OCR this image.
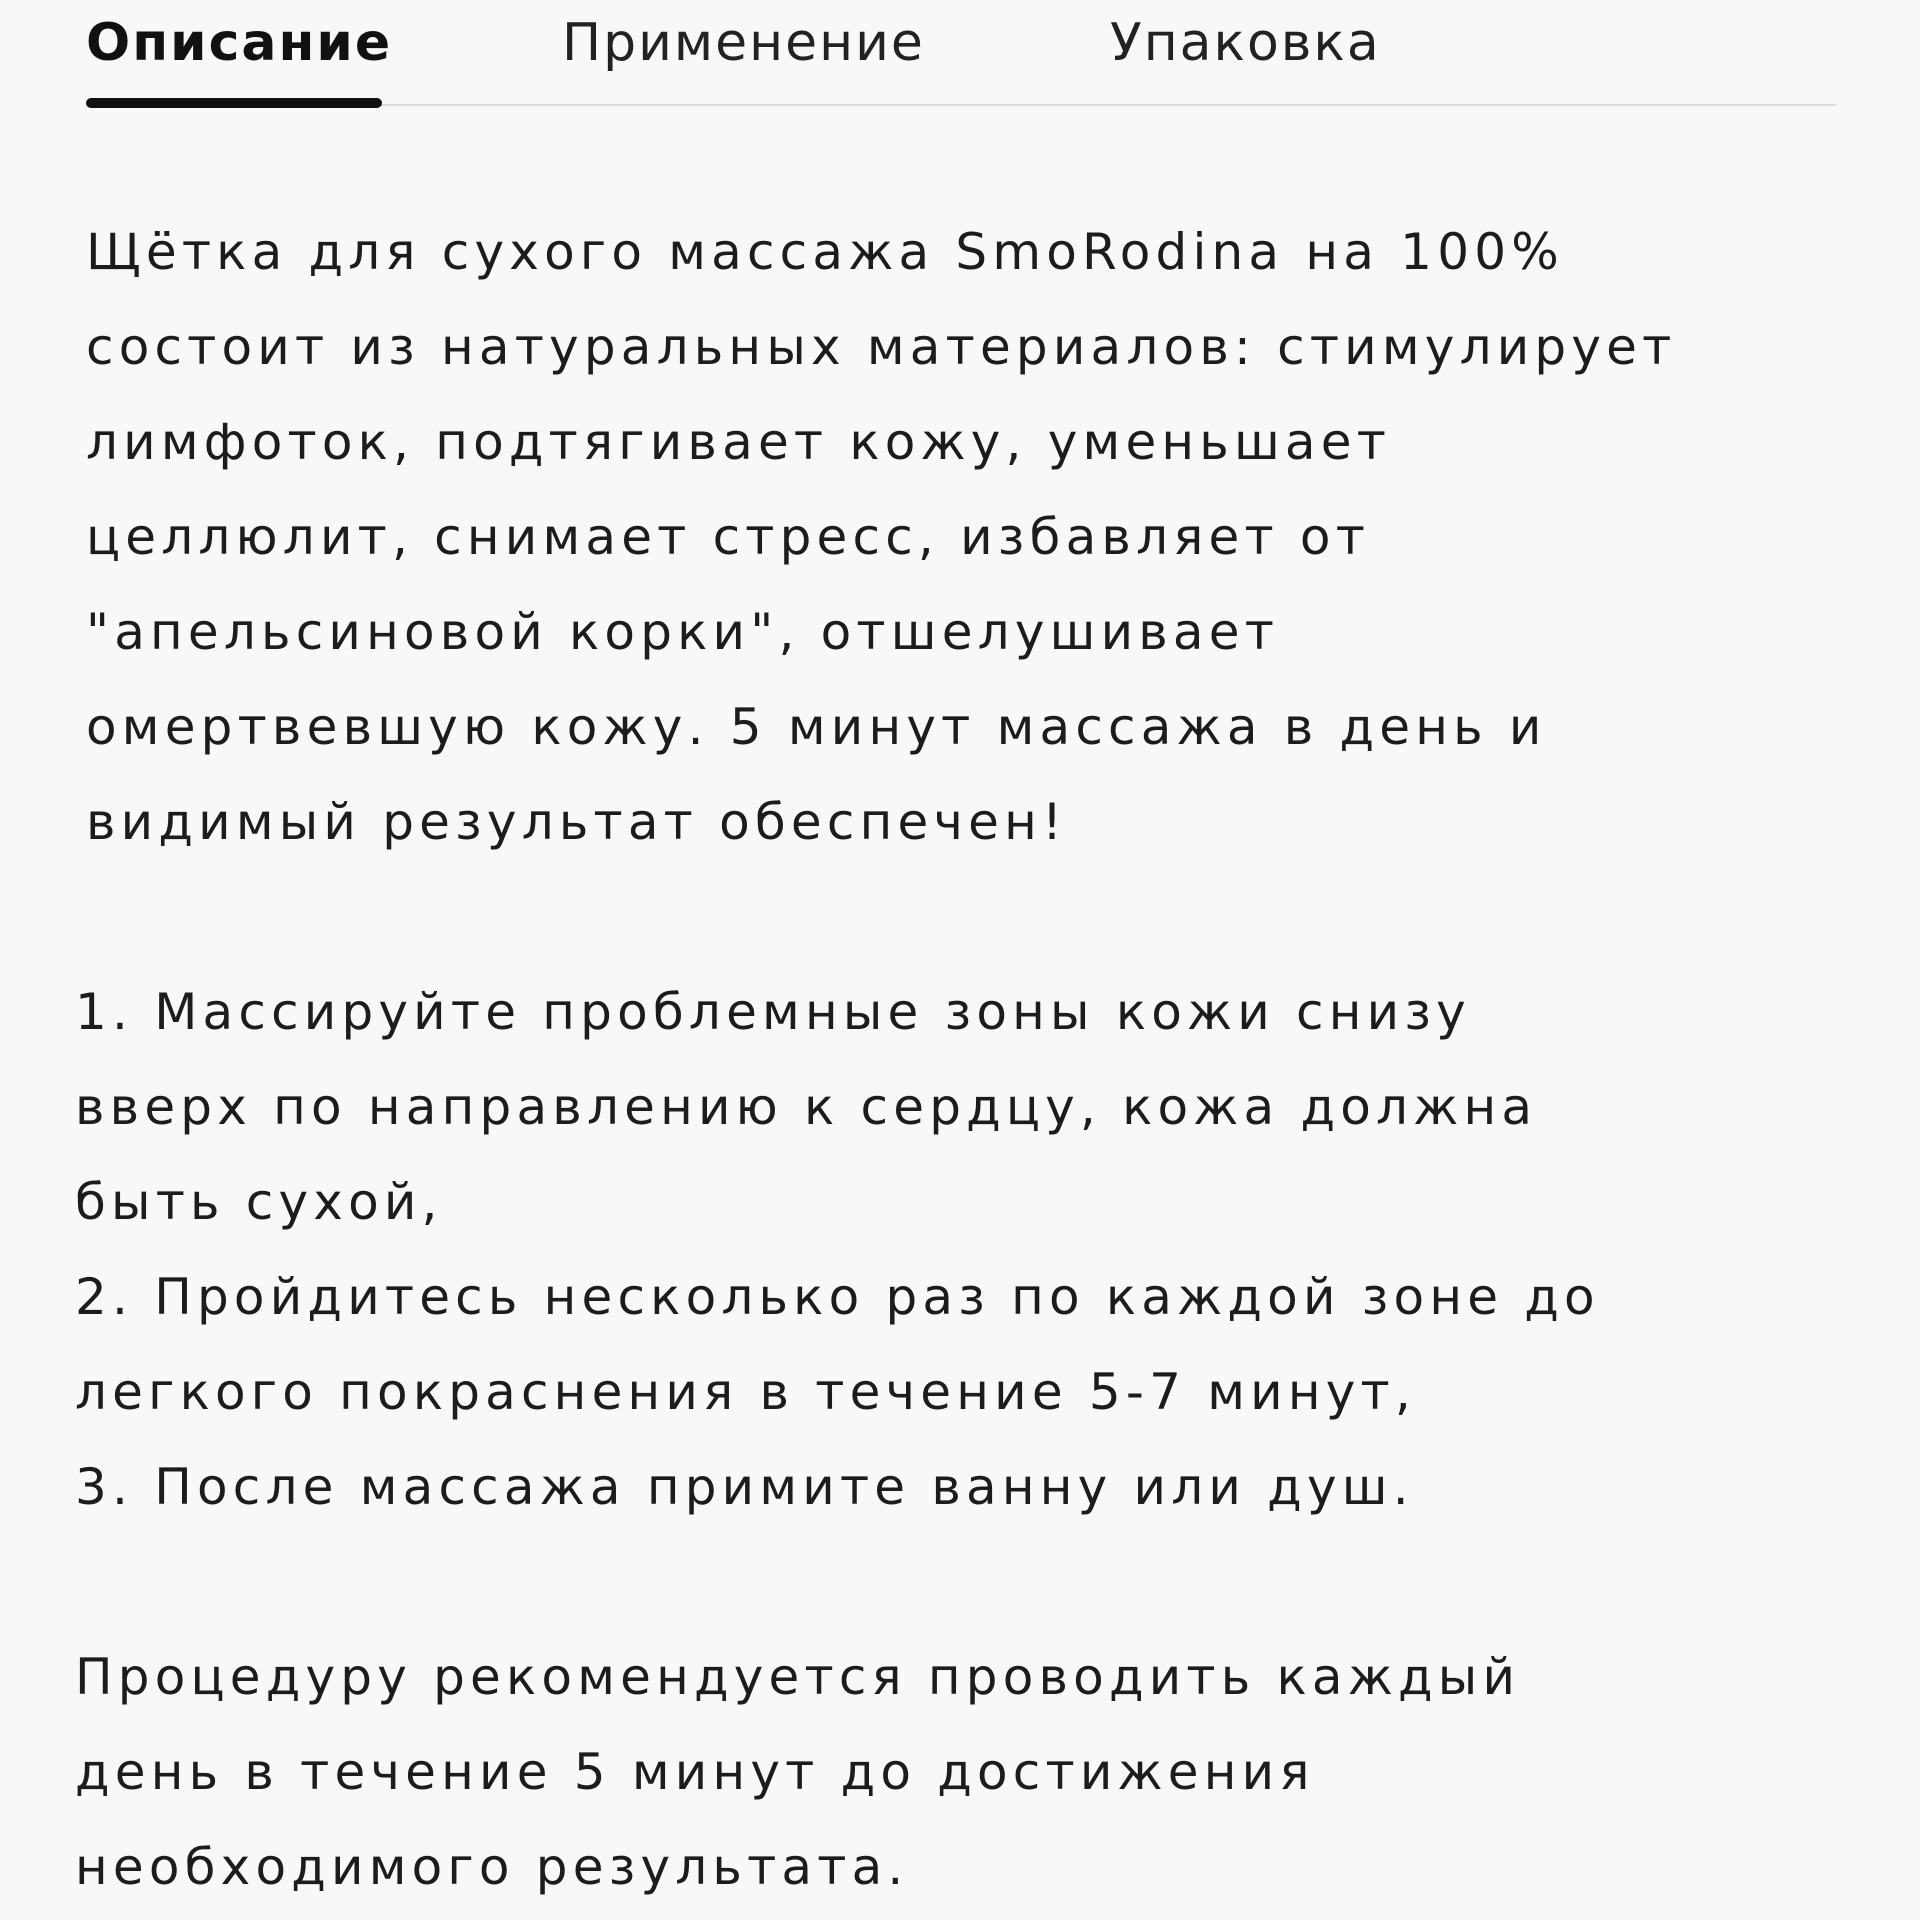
Описание	Применение	Упаковка

Щётка для сухого массажа SmoRodina на 100%
состоит из натуральных материалов: стимулирует
лимфоток, подтягивает кожу, уменьшает
целлюлит, снимает стресс, избавляет от
"апельсиновой корки", отшелушивает
омертвевшую кожу. 5 минут массажа в день и
видимый результат обеспечен!

1. Массируйте проблемные зоны кожи снизу
вверх по направлению к сердцу, кожа должна
быть сухой,
2. Пройдитесь несколько раз по каждой зоне до
легкого покраснения в течение 5-7 минут,
3. После массажа примите ванну или душ.

Процедуру рекомендуется проводить каждый
день в течение 5 минут до достижения
необходимого результата.
